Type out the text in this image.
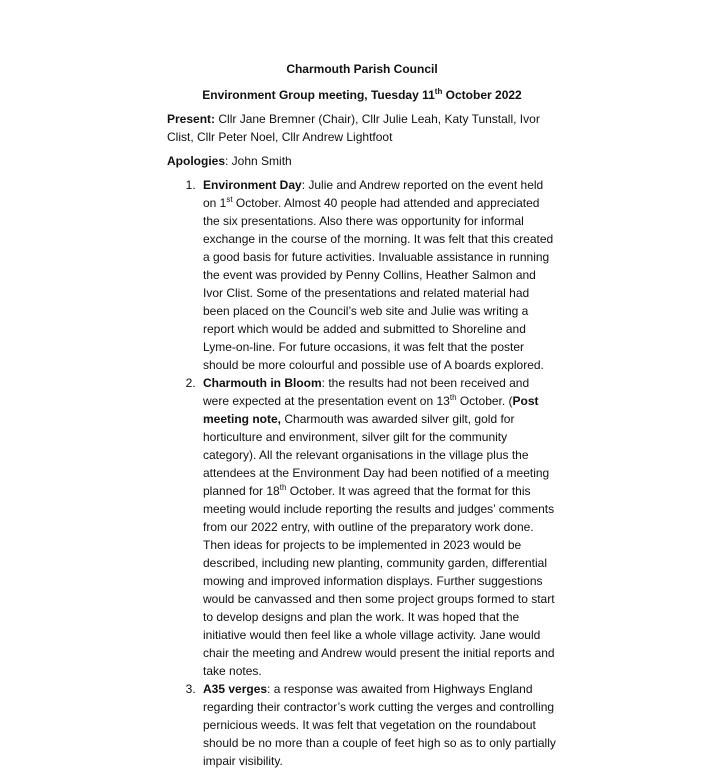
Charmouth Parish Council
Environment Group meeting, Tuesday 11th October 2022

Present: Cllr Jane Bremner (Chair), Cllr Julie Leah, Katy Tunstall, Ivor Clist, Cllr Peter Noel, Cllr Andrew Lightfoot

Apologies: John Smith

1. Environment Day: Julie and Andrew reported on the event held on 1st October. Almost 40 people had attended and appreciated the six presentations. Also there was opportunity for informal exchange in the course of the morning. It was felt that this created a good basis for future activities. Invaluable assistance in running the event was provided by Penny Collins, Heather Salmon and Ivor Clist. Some of the presentations and related material had been placed on the Council’s web site and Julie was writing a report which would be added and submitted to Shoreline and Lyme-on-line. For future occasions, it was felt that the poster should be more colourful and possible use of A boards explored.
2. Charmouth in Bloom: the results had not been received and were expected at the presentation event on 13th October. (Post meeting note, Charmouth was awarded silver gilt, gold for horticulture and environment, silver gilt for the community category). All the relevant organisations in the village plus the attendees at the Environment Day had been notified of a meeting planned for 18th October. It was agreed that the format for this meeting would include reporting the results and judges’ comments from our 2022 entry, with outline of the preparatory work done. Then ideas for projects to be implemented in 2023 would be described, including new planting, community garden, differential mowing and improved information displays. Further suggestions would be canvassed and then some project groups formed to start to develop designs and plan the work. It was hoped that the initiative would then feel like a whole village activity. Jane would chair the meeting and Andrew would present the initial reports and take notes.
3. A35 verges: a response was awaited from Highways England regarding their contractor’s work cutting the verges and controlling pernicious weeds. It was felt that vegetation on the roundabout should be no more than a couple of feet high so as to only partially impair visibility.
